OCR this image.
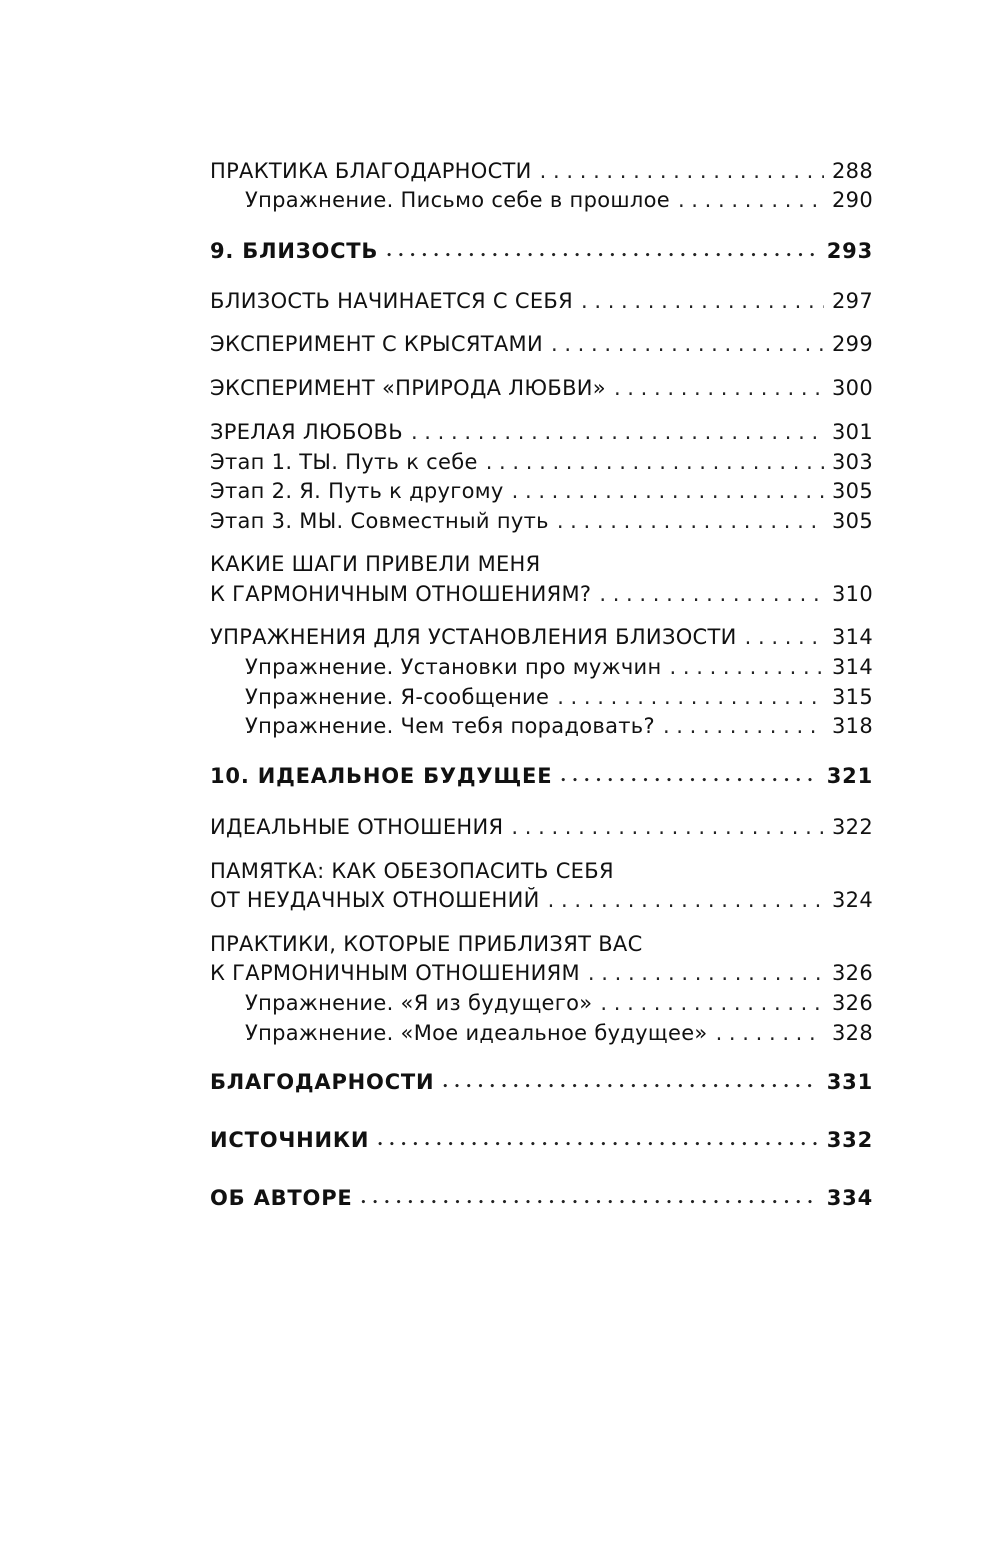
ПРАКТИКА БЛАГОДАРНОСТИ . . .	288
Упражнение. Письмо себе в прошлое . . .	290
9. БЛИЗОСТЬ •••••	293
БЛИЗОСТЬ НАЧИНАЕТСЯ С СЕБЯ . . .	297
ЭКСПЕРИМЕНТ С КРЫСЯТАМИ . . .	299
ЭКСПЕРИМЕНТ «ПРИРОДА ЛЮБВИ» . . .	300
ЗРЕЛАЯ ЛЮБОВЬ . . .	301
Этап 1. ТЫ. Путь к себе . . .	303
Этап 2. Я. Путь к другому . . .	305
Этап 3. МЫ. Совместный путь . . .	305
КАКИЕ ШАГИ ПРИВЕЛИ МЕНЯ
К ГАРМОНИЧНЫМ ОТНОШЕНИЯМ? . . .	310
УПРАЖНЕНИЯ ДЛЯ УСТАНОВЛЕНИЯ БЛИЗОСТИ . . .	314
Упражнение. Установки про мужчин . . .	314
Упражнение. Я-сообщение . . .	315
Упражнение. Чем тебя порадовать? . . .	318
10. ИДЕАЛЬНОЕ БУДУЩЕЕ •••••	321
ИДЕАЛЬНЫЕ ОТНОШЕНИЯ . . .	322
ПАМЯТКА: КАК ОБЕЗОПАСИТЬ СЕБЯ
ОТ НЕУДАЧНЫХ ОТНОШЕНИЙ . . .	324
ПРАКТИКИ, КОТОРЫЕ ПРИБЛИЗЯТ ВАС
К ГАРМОНИЧНЫМ ОТНОШЕНИЯМ . . .	326
Упражнение. «Я из будущего» . . .	326
Упражнение. «Мое идеальное будущее» . . .	328
БЛАГОДАРНОСТИ •••••	331
ИСТОЧНИКИ •••••	332
ОБ АВТОРЕ •••••	334
